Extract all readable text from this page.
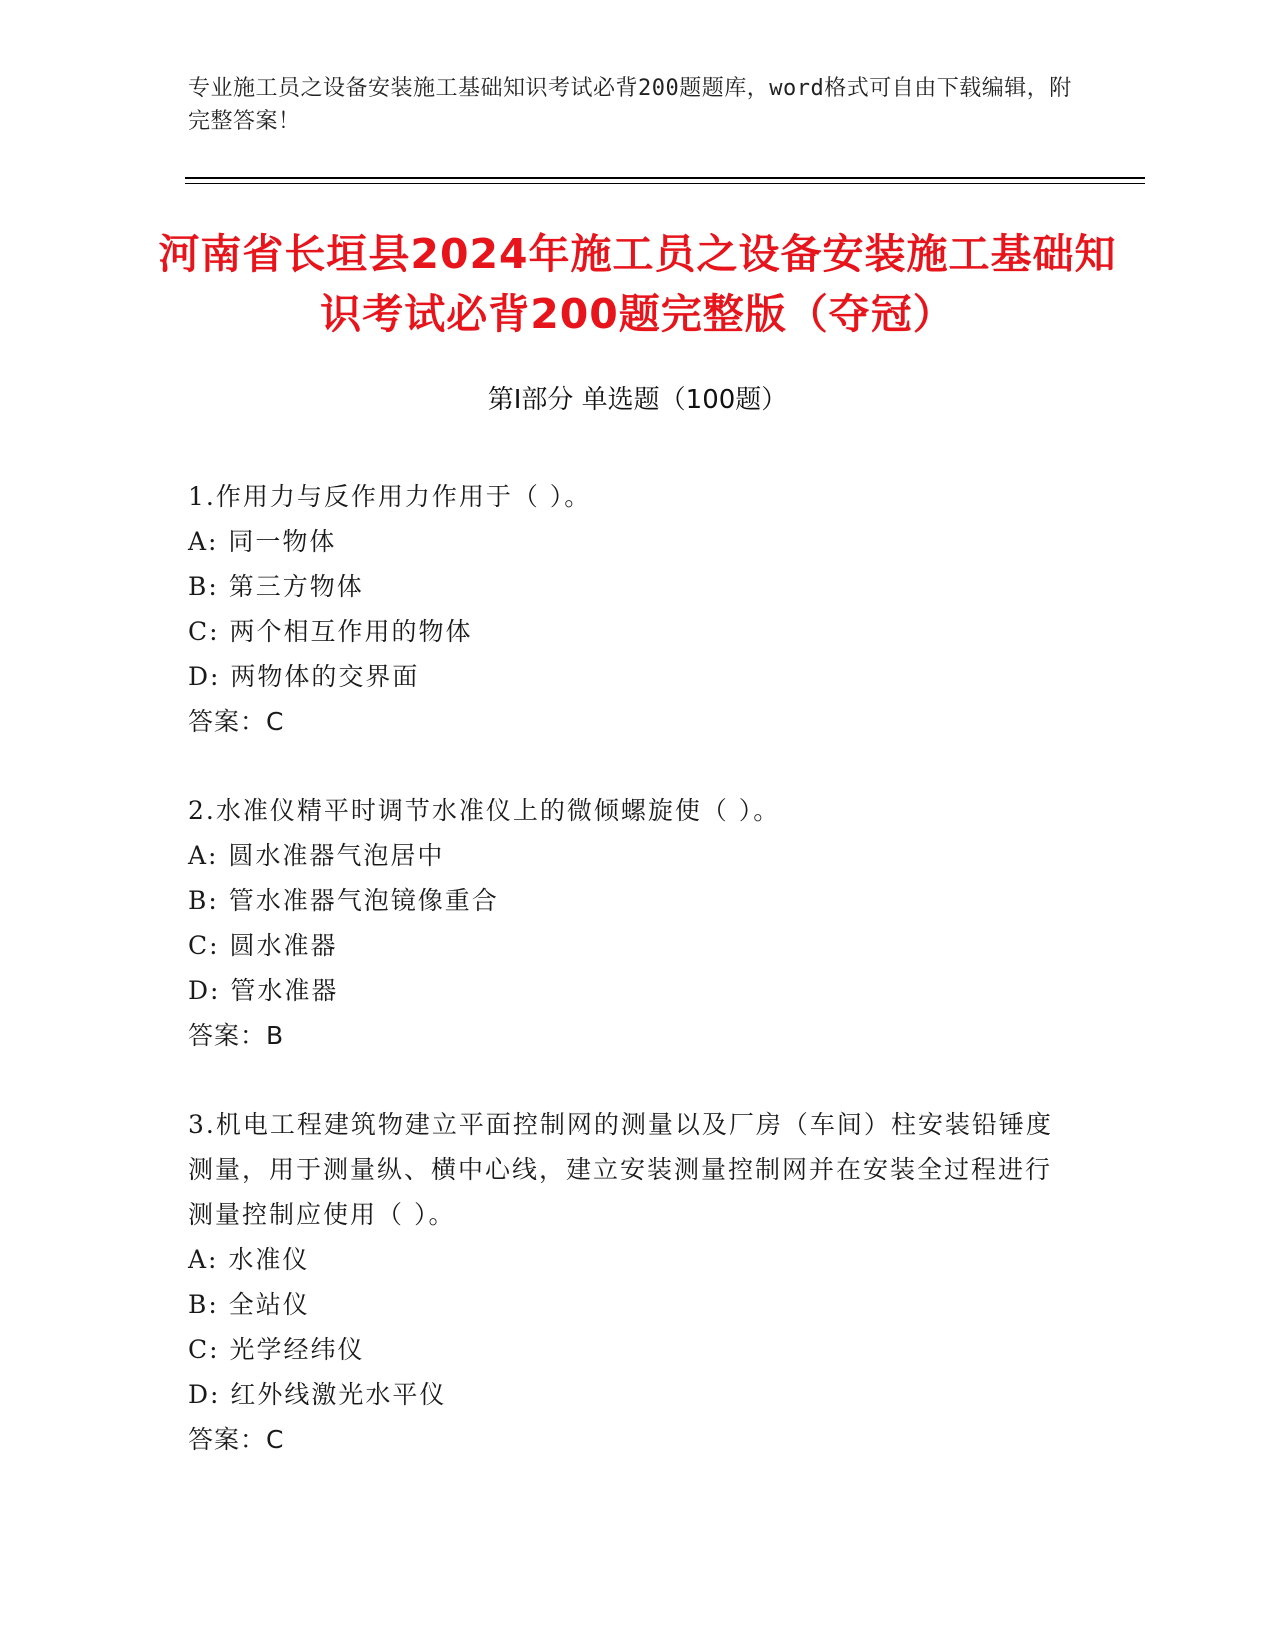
专业施工员之设备安装施工基础知识考试必背200题题库，word格式可自由下载编辑，附完整答案！
河南省长垣县2024年施工员之设备安装施工基础知识考试必背200题完整版（夺冠）
第Ⅰ部分 单选题（100题）

1.作用力与反作用力作用于（ ）。

A: 同一物体

B: 第三方物体

C: 两个相互作用的物体

D: 两物体的交界面

答案：C

2.水准仪精平时调节水准仪上的微倾螺旋使（ ）。

A: 圆水准器气泡居中

B: 管水准器气泡镜像重合

C: 圆水准器

D: 管水准器

答案：B

3.机电工程建筑物建立平面控制网的测量以及厂房（车间）柱安装铅锤度测量，用于测量纵、横中心线，建立安装测量控制网并在安装全过程进行测量控制应使用（ ）。

A: 水准仪

B: 全站仪

C: 光学经纬仪

D: 红外线激光水平仪

答案：C
